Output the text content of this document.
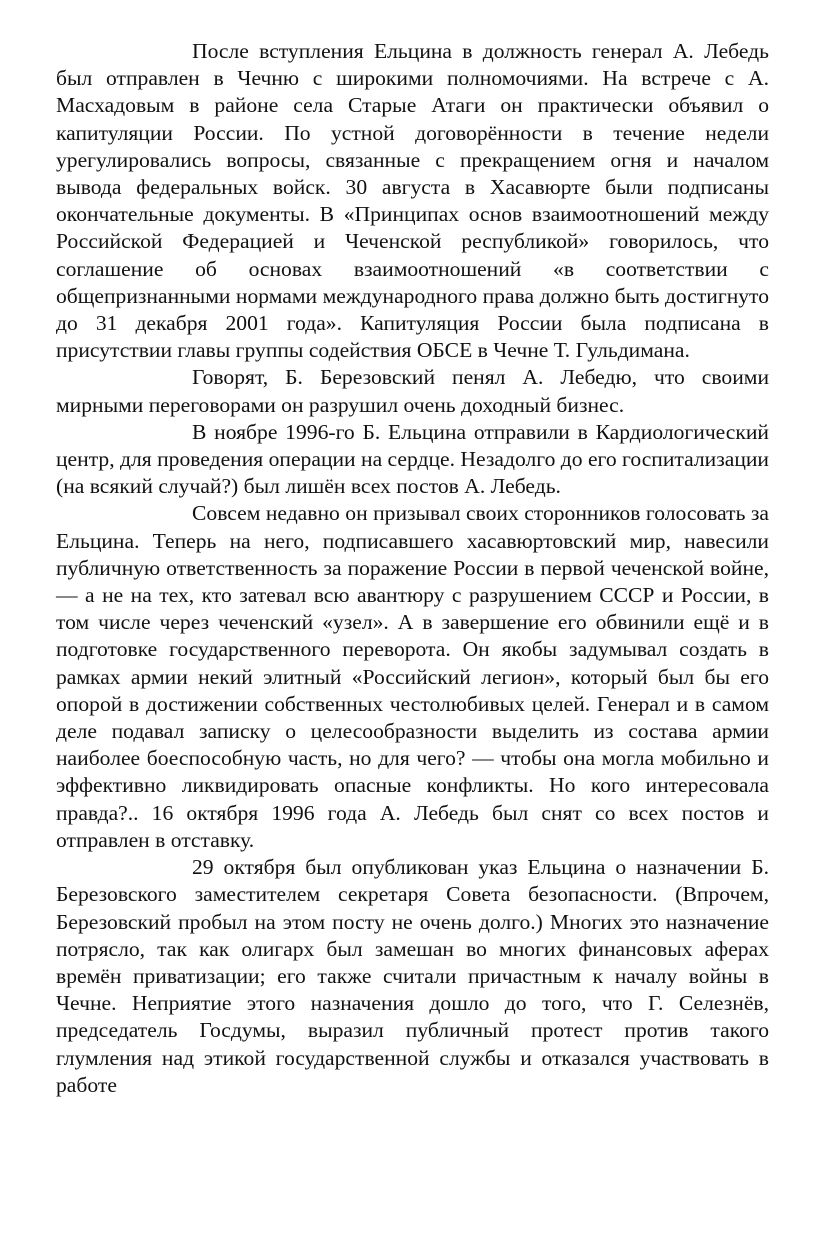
После вступления Ельцина в должность генерал А. Лебедь был отправлен в Чечню с широкими полномочиями. На встрече с А. Масхадовым в районе села Старые Атаги он практически объявил о капитуляции России. По устной договорённости в течение недели урегулировались вопросы, связанные с прекращением огня и началом вывода федеральных войск. 30 августа в Хасавюрте были подписаны окончательные документы. В «Принципах основ взаимоотношений между Российской Федерацией и Чеченской республикой» говорилось, что соглашение об основах взаимоотношений «в соответствии с общепризнанными нормами международного права должно быть достигнуто до 31 декабря 2001 года». Капитуляция России была подписана в присутствии главы группы содействия ОБСЕ в Чечне Т. Гульдимана.

Говорят, Б. Березовский пенял А. Лебедю, что своими мирными переговорами он разрушил очень доходный бизнес.

В ноябре 1996-го Б. Ельцина отправили в Кардиологический центр, для проведения операции на сердце. Незадолго до его госпитализации (на всякий случай?) был лишён всех постов А. Лебедь.

Совсем недавно он призывал своих сторонников голосовать за Ельцина. Теперь на него, подписавшего хасавюртовский мир, навесили публичную ответственность за поражение России в первой чеченской войне, — а не на тех, кто затевал всю авантюру с разрушением СССР и России, в том числе через чеченский «узел». А в завершение его обвинили ещё и в подготовке государственного переворота. Он якобы задумывал создать в рамках армии некий элитный «Российский легион», который был бы его опорой в достижении собственных честолюбивых целей. Генерал и в самом деле подавал записку о целесообразности выделить из состава армии наиболее боеспособную часть, но для чего? — чтобы она могла мобильно и эффективно ликвидировать опасные конфликты. Но кого интересовала правда?.. 16 октября 1996 года А. Лебедь был снят со всех постов и отправлен в отставку.

29 октября был опубликован указ Ельцина о назначении Б. Березовского заместителем секретаря Совета безопасности. (Впрочем, Березовский пробыл на этом посту не очень долго.) Многих это назначение потрясло, так как олигарх был замешан во многих финансовых аферах времён приватизации; его также считали причастным к началу войны в Чечне. Неприятие этого назначения дошло до того, что Г. Селезнёв, председатель Госдумы, выразил публичный протест против такого глумления над этикой государственной службы и отказался участвовать в работе
